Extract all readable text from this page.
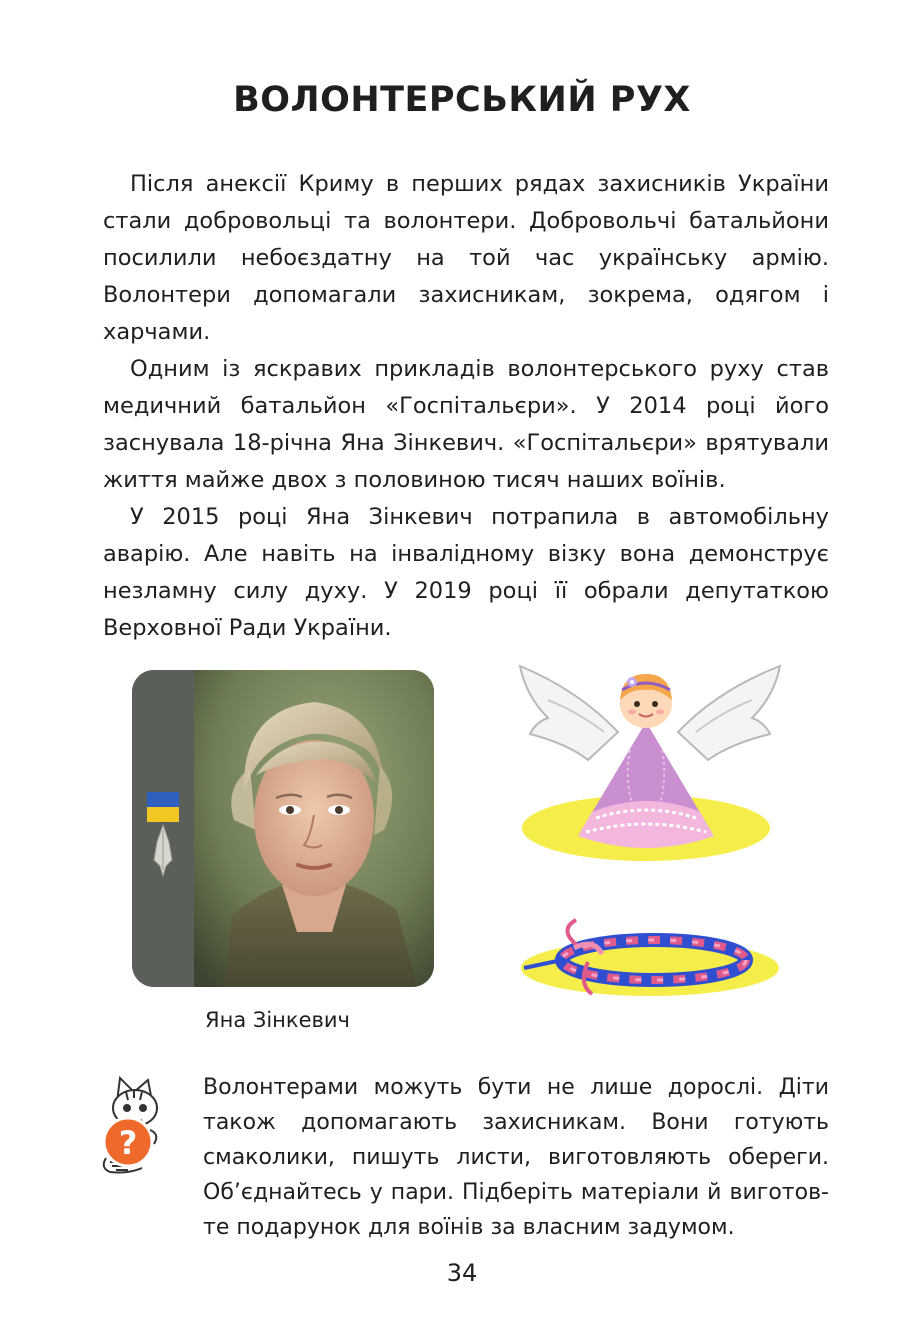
ВОЛОНТЕРСЬКИЙ РУХ

Після анексії Криму в перших рядах захисників України стали добровольці та волонтери. Добровольчі батальйони посилили небоєздатну на той час українську армію. Волонтери допомагали захисникам, зокрема, одягом і харчами.

Одним із яскравих прикладів волонтерського руху став медичний батальйон «Госпітальєри». У 2014 році його заснувала 18-річна Яна Зінкевич. «Госпітальєри» врятували життя майже двох з половиною тисяч наших воїнів.

У 2015 році Яна Зінкевич потрапила в автомобільну аварію. Але навіть на інвалідному візку вона демонструє незламну силу духу. У 2019 році її обрали депутаткою Верховної Ради України.

Яна Зінкевич
?

Волонтерами можуть бути не лише дорослі. Діти також допомагають захисникам. Вони готують смаколики, пишуть листи, виготовляють обереги. Об’єднайтесь у пари. Підберіть матеріали й виготовте подарунок для воїнів за власним задумом.

34
